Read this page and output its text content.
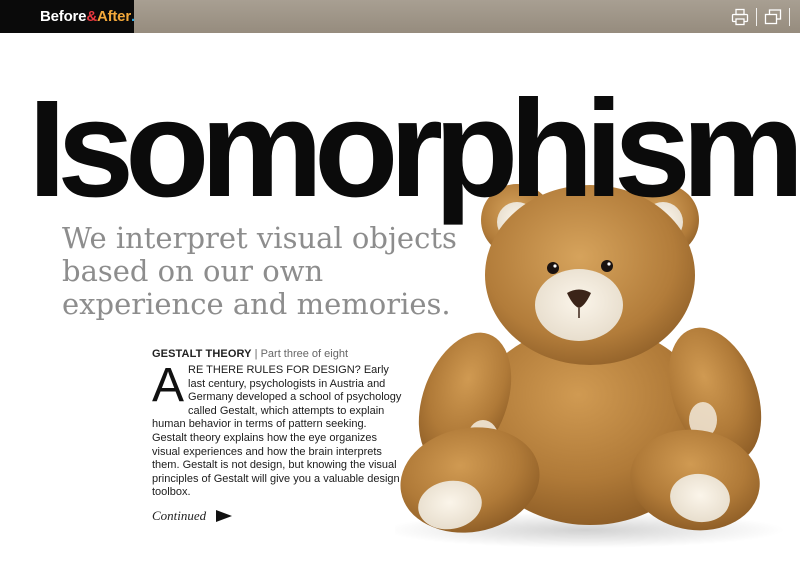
Before & After .
Isomorphism

We interpret visual objects based on our own experience and memories.

GESTALT THEORY | Part three of eight

ARE THERE RULES FOR DESIGN? Early last century, psychologists in Austria and Germany developed a school of psychology called Gestalt, which attempts to explain human behavior in terms of pattern seeking. Gestalt theory explains how the eye organizes visual experiences and how the brain interprets them. Gestalt is not design, but knowing the visual principles of Gestalt will give you a valuable design toolbox.

Continued
